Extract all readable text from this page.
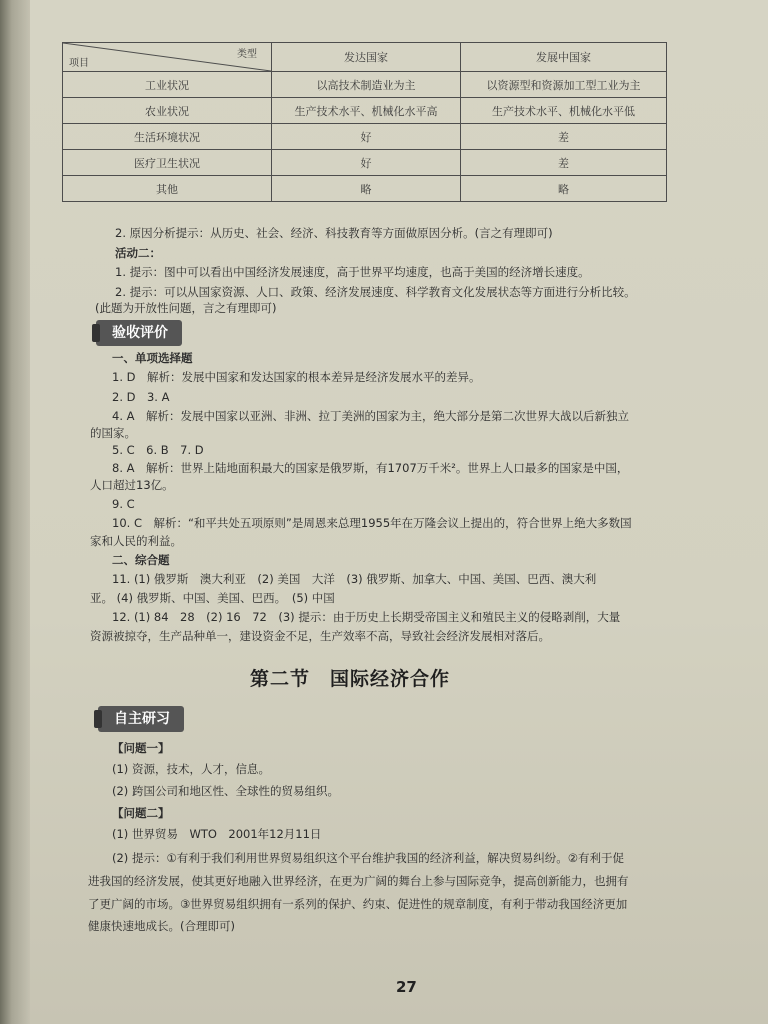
类型
项目	发达国家	发展中国家
工业状况	以高技术制造业为主	以资源型和资源加工型工业为主
农业状况	生产技术水平、机械化水平高	生产技术水平、机械化水平低
生活环境状况	好	差
医疗卫生状况	好	差
其他	略	略
2. 原因分析提示：从历史、社会、经济、科技教育等方面做原因分析。(言之有理即可)
活动二：
1. 提示：图中可以看出中国经济发展速度，高于世界平均速度，也高于美国的经济增长速度。
2. 提示：可以从国家资源、人口、政策、经济发展速度、科学教育文化发展状态等方面进行分析比较。
(此题为开放性问题，言之有理即可)
验收评价
一、单项选择题
1. D　解析：发展中国家和发达国家的根本差异是经济发展水平的差异。
2. D　3. A
4. A　解析：发展中国家以亚洲、非洲、拉丁美洲的国家为主，绝大部分是第二次世界大战以后新独立
的国家。
5. C　6. B　7. D
8. A　解析：世界上陆地面积最大的国家是俄罗斯，有1707万千米²。世界上人口最多的国家是中国，
人口超过13亿。
9. C
10. C　解析：“和平共处五项原则”是周恩来总理1955年在万隆会议上提出的，符合世界上绝大多数国
家和人民的利益。
二、综合题
11. (1) 俄罗斯　澳大利亚　(2) 美国　大洋　(3) 俄罗斯、加拿大、中国、美国、巴西、澳大利
亚。 (4) 俄罗斯、中国、美国、巴西。　(5) 中国
12. (1) 84　28　(2) 16　72　(3) 提示：由于历史上长期受帝国主义和殖民主义的侵略剥削，大量
资源被掠夺，生产品种单一，建设资金不足，生产效率不高，导致社会经济发展相对落后。
第二节　国际经济合作
自主研习
【问题一】
(1) 资源，技术，人才，信息。
(2) 跨国公司和地区性、全球性的贸易组织。
【问题二】
(1) 世界贸易　WTO　2001年12月11日
(2) 提示：①有利于我们利用世界贸易组织这个平台维护我国的经济利益，解决贸易纠纷。②有利于促
进我国的经济发展，使其更好地融入世界经济，在更为广阔的舞台上参与国际竞争，提高创新能力，也拥有
了更广阔的市场。③世界贸易组织拥有一系列的保护、约束、促进性的规章制度，有利于带动我国经济更加
健康快速地成长。(合理即可)
27
